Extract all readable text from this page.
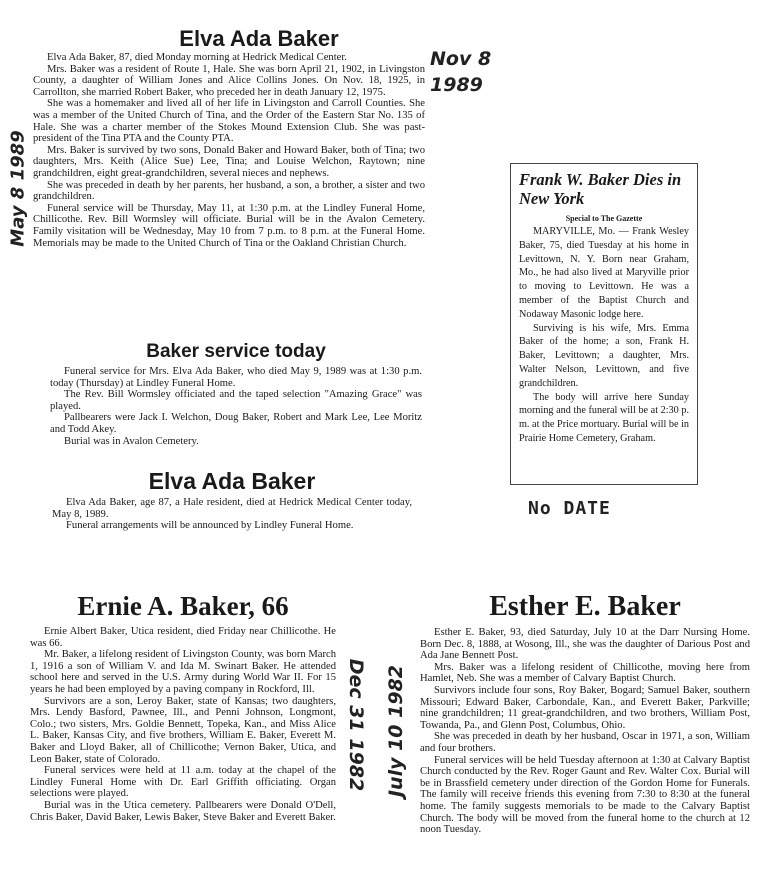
Elva Ada Baker

Elva Ada Baker, 87, died Monday morning at Hedrick Medical Center.

Mrs. Baker was a resident of Route 1, Hale. She was born April 21, 1902, in Livingston County, a daughter of William Jones and Alice Collins Jones. On Nov. 18, 1925, in Carrollton, she married Robert Baker, who preceded her in death January 12, 1975.

She was a homemaker and lived all of her life in Livingston and Carroll Counties. She was a member of the United Church of Tina, and the Order of the Eastern Star No. 135 of Hale. She was a charter member of the Stokes Mound Extension Club. She was past-president of the Tina PTA and the County PTA.

Mrs. Baker is survived by two sons, Donald Baker and Howard Baker, both of Tina; two daughters, Mrs. Keith (Alice Sue) Lee, Tina; and Louise Welchon, Raytown; nine grandchildren, eight great-grandchildren, several nieces and nephews.

She was preceded in death by her parents, her husband, a son, a brother, a sister and two grandchildren.

Funeral service will be Thursday, May 11, at 1:30 p.m. at the Lindley Funeral Home, Chillicothe. Rev. Bill Wormsley will officiate. Burial will be in the Avalon Cemetery. Family visitation will be Wednesday, May 10 from 7 p.m. to 8 p.m. at the Funeral Home. Memorials may be made to the United Church of Tina or the Oakland Christian Church.

Baker service today

Funeral service for Mrs. Elva Ada Baker, who died May 9, 1989 was at 1:30 p.m. today (Thursday) at Lindley Funeral Home.

The Rev. Bill Wormsley officiated and the taped selection "Amazing Grace" was played.

Pallbearers were Jack I. Welchon, Doug Baker, Robert and Mark Lee, Lee Moritz and Todd Akey.

Burial was in Avalon Cemetery.

Elva Ada Baker

Elva Ada Baker, age 87, a Hale resident, died at Hedrick Medical Center today, May 8, 1989.

Funeral arrangements will be announced by Lindley Funeral Home.

Frank W. Baker Dies in New York

Special to The Gazette

MARYVILLE, Mo. — Frank Wesley Baker, 75, died Tuesday at his home in Levittown, N. Y. Born near Graham, Mo., he had also lived at Maryville prior to moving to Levittown. He was a member of the Baptist Church and Nodaway Masonic lodge here.

Surviving is his wife, Mrs. Emma Baker of the home; a son, Frank H. Baker, Levittown; a daughter, Mrs. Walter Nelson, Levittown, and five grandchildren.

The body will arrive here Sunday morning and the funeral will be at 2:30 p. m. at the Price mortuary. Burial will be in Prairie Home Cemetery, Graham.

Ernie A. Baker, 66

Ernie Albert Baker, Utica resident, died Friday near Chillicothe. He was 66.

Mr. Baker, a lifelong resident of Livingston County, was born March 1, 1916 a son of William V. and Ida M. Swinart Baker. He attended school here and served in the U.S. Army during World War II. For 15 years he had been employed by a paving company in Rockford, Ill.

Survivors are a son, Leroy Baker, state of Kansas; two daughters, Mrs. Lendy Basford, Pawnee, Ill., and Penni Johnson, Longmont, Colo.; two sisters, Mrs. Goldie Bennett, Topeka, Kan., and Miss Alice L. Baker, Kansas City, and five brothers, William E. Baker, Everett M. Baker and Lloyd Baker, all of Chillicothe; Vernon Baker, Utica, and Leon Baker, state of Colorado.

Funeral services were held at 11 a.m. today at the chapel of the Lindley Funeral Home with Dr. Earl Griffith officiating. Organ selections were played.

Burial was in the Utica cemetery. Pallbearers were Donald O'Dell, Chris Baker, David Baker, Lewis Baker, Steve Baker and Everett Baker.

Esther E. Baker

Esther E. Baker, 93, died Saturday, July 10 at the Darr Nursing Home. Born Dec. 8, 1888, at Wosong, Ill., she was the daughter of Darious Post and Ada Jane Bennett Post.

Mrs. Baker was a lifelong resident of Chillicothe, moving here from Hamlet, Neb. She was a member of Calvary Baptist Church.

Survivors include four sons, Roy Baker, Bogard; Samuel Baker, southern Missouri; Edward Baker, Carbondale, Kan., and Everett Baker, Parkville; nine grandchildren; 11 great-grandchildren, and two brothers, William Post, Towanda, Pa., and Glenn Post, Columbus, Ohio.

She was preceded in death by her husband, Oscar in 1971, a son, William and four brothers.

Funeral services will be held Tuesday afternoon at 1:30 at Calvary Baptist Church conducted by the Rev. Roger Gaunt and Rev. Walter Cox. Burial will be in Brassfield cemetery under direction of the Gordon Home for Funerals. The family will receive friends this evening from 7:30 to 8:30 at the funeral home. The family suggests memorials to be made to the Calvary Baptist Church. The body will be moved from the funeral home to the church at 12 noon Tuesday.

Nov 8 1989

May 8 1989

No DATE

Dec 31 1982 July 10 1982
